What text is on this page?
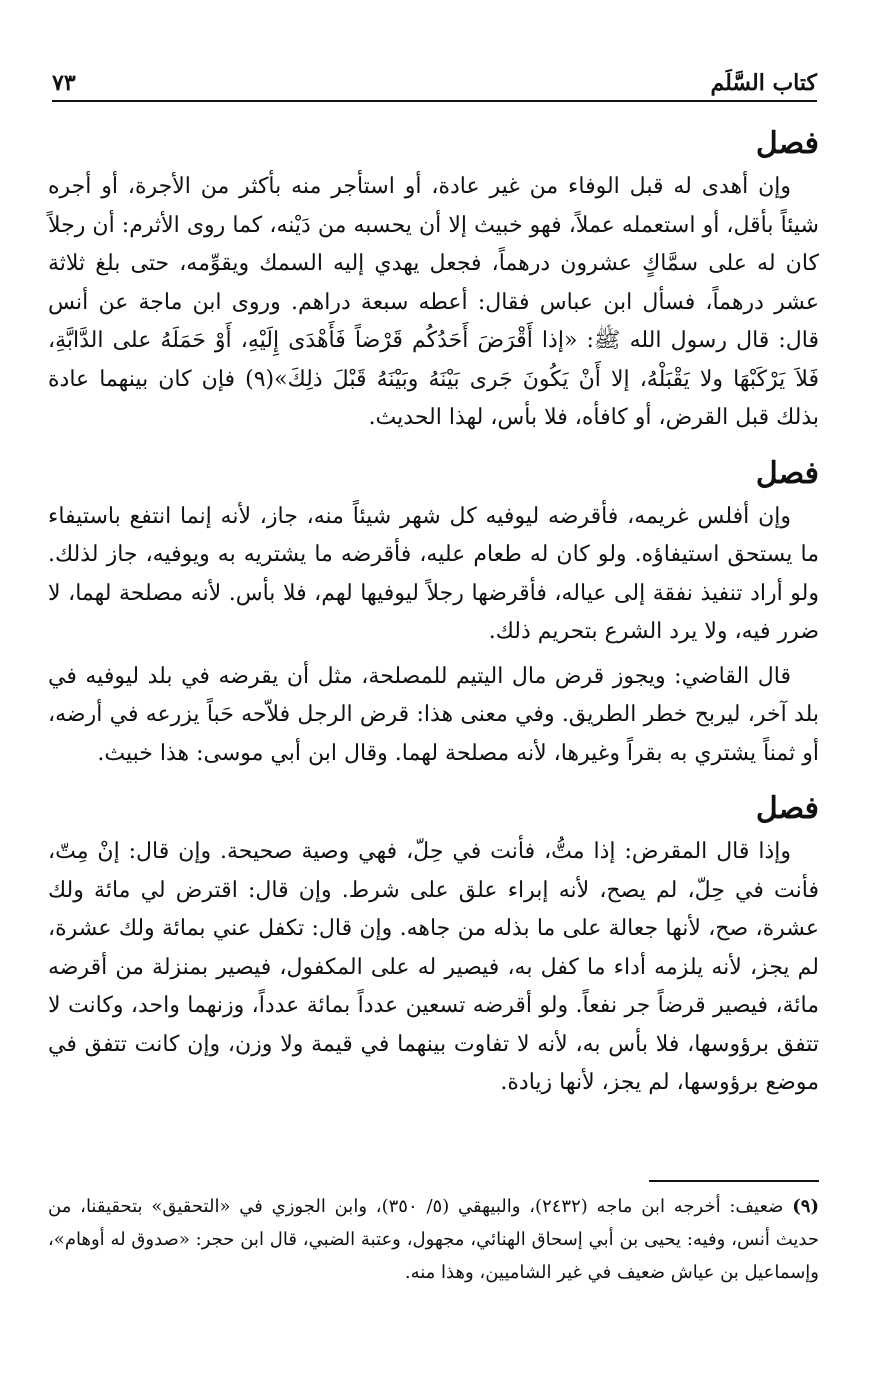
كتاب السَّلَم
٧٣
فصل

وإن أهدى له قبل الوفاء من غير عادة، أو استأجر منه بأكثر من الأجرة، أو أجره شيئاً بأقل، أو استعمله عملاً، فهو خبيث إلا أن يحسبه من دَيْنه، كما روى الأثرم: أن رجلاً كان له على سمَّاكٍ عشرون درهماً، فجعل يهدي إليه السمك ويقوِّمه، حتى بلغ ثلاثة عشر درهماً، فسأل ابن عباس فقال: أعطه سبعة دراهم. وروى ابن ماجة عن أنس قال: قال رسول الله ﷺ: «إذا أَقْرَضَ أَحَدُكُم قَرْضاً فَأَهْدَى إِلَيْهِ، أَوْ حَمَلَهُ على الدَّابَّةِ، فَلاَ يَرْكَبْهَا ولا يَقْبَلْهُ، إلا أَنْ يَكُونَ جَرى بَيْنَهُ وبَيْنَهُ قَبْلَ ذلِكَ»(٩) فإن كان بينهما عادة بذلك قبل القرض، أو كافأه، فلا بأس، لهذا الحديث.

فصل

وإن أفلس غريمه، فأقرضه ليوفيه كل شهر شيئاً منه، جاز، لأنه إنما انتفع باستيفاء ما يستحق استيفاؤه. ولو كان له طعام عليه، فأقرضه ما يشتريه به ويوفيه، جاز لذلك. ولو أراد تنفيذ نفقة إلى عياله، فأقرضها رجلاً ليوفيها لهم، فلا بأس. لأنه مصلحة لهما، لا ضرر فيه، ولا يرد الشرع بتحريم ذلك.

قال القاضي: ويجوز قرض مال اليتيم للمصلحة، مثل أن يقرضه في بلد ليوفيه في بلد آخر، ليربح خطر الطريق. وفي معنى هذا: قرض الرجل فلاّحه حَباً يزرعه في أرضه، أو ثمناً يشتري به بقراً وغيرها، لأنه مصلحة لهما. وقال ابن أبي موسى: هذا خبيث.

فصل

وإذا قال المقرض: إذا متُّ، فأنت في حِلّ، فهي وصية صحيحة. وإن قال: إنْ مِتّ، فأنت في حِلّ، لم يصح، لأنه إبراء علق على شرط. وإن قال: اقترض لي مائة ولك عشرة، صح، لأنها جعالة على ما بذله من جاهه. وإن قال: تكفل عني بمائة ولك عشرة، لم يجز، لأنه يلزمه أداء ما كفل به، فيصير له على المكفول، فيصير بمنزلة من أقرضه مائة، فيصير قرضاً جر نفعاً. ولو أقرضه تسعين عدداً بمائة عدداً، وزنهما واحد، وكانت لا تتفق برؤوسها، فلا بأس به، لأنه لا تفاوت بينهما في قيمة ولا وزن، وإن كانت تتفق في موضع برؤوسها، لم يجز، لأنها زيادة.

(٩) ضعيف: أخرجه ابن ماجه (٢٤٣٢)، والبيهقي (٥/ ٣٥٠)، وابن الجوزي في «التحقيق» بتحقيقنا، من حديث أنس، وفيه: يحيى بن أبي إسحاق الهنائي، مجهول، وعتبة الضبي، قال ابن حجر: «صدوق له أوهام»، وإسماعيل بن عياش ضعيف في غير الشاميين، وهذا منه.
